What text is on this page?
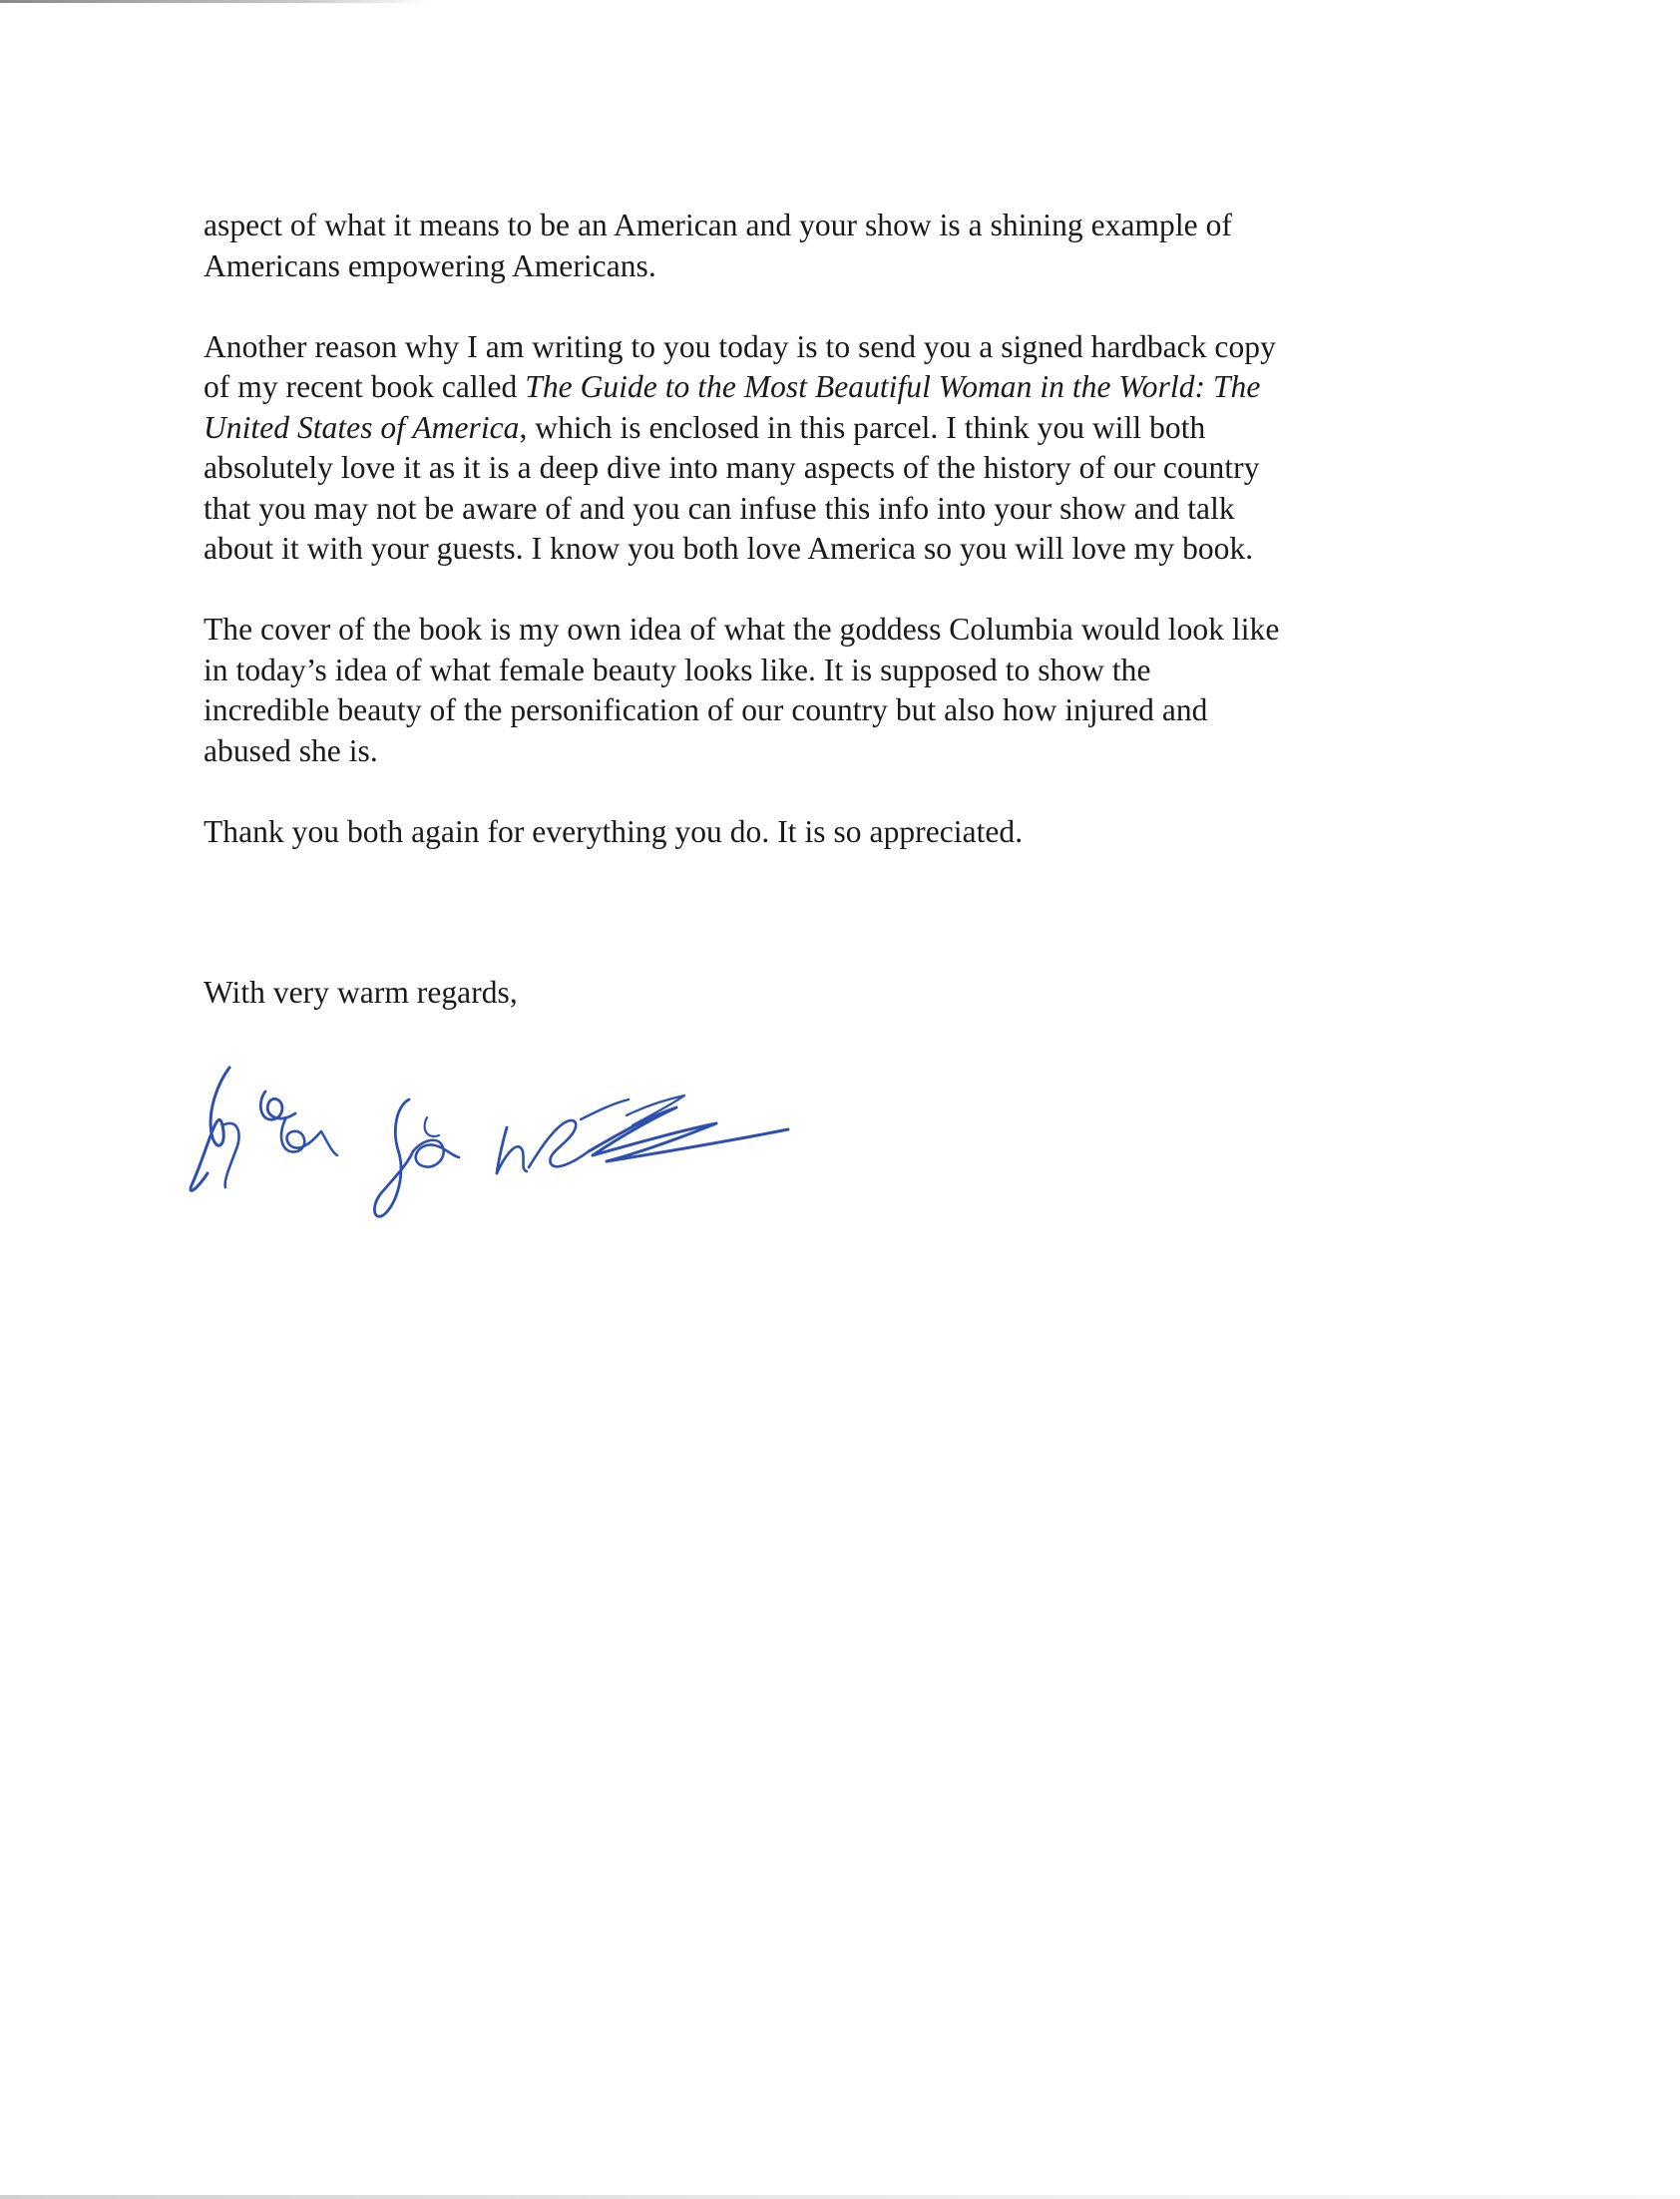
aspect of what it means to be an American and your show is a shining example of

Americans empowering Americans.

Another reason why I am writing to you today is to send you a signed hardback copy

of my recent book called The Guide to the Most Beautiful Woman in the World: The

United States of America, which is enclosed in this parcel. I think you will both

absolutely love it as it is a deep dive into many aspects of the history of our country

that you may not be aware of and you can infuse this info into your show and talk

about it with your guests. I know you both love America so you will love my book.

The cover of the book is my own idea of what the goddess Columbia would look like

in today’s idea of what female beauty looks like. It is supposed to show the

incredible beauty of the personification of our country but also how injured and

abused she is.

Thank you both again for everything you do. It is so appreciated.

With very warm regards,
